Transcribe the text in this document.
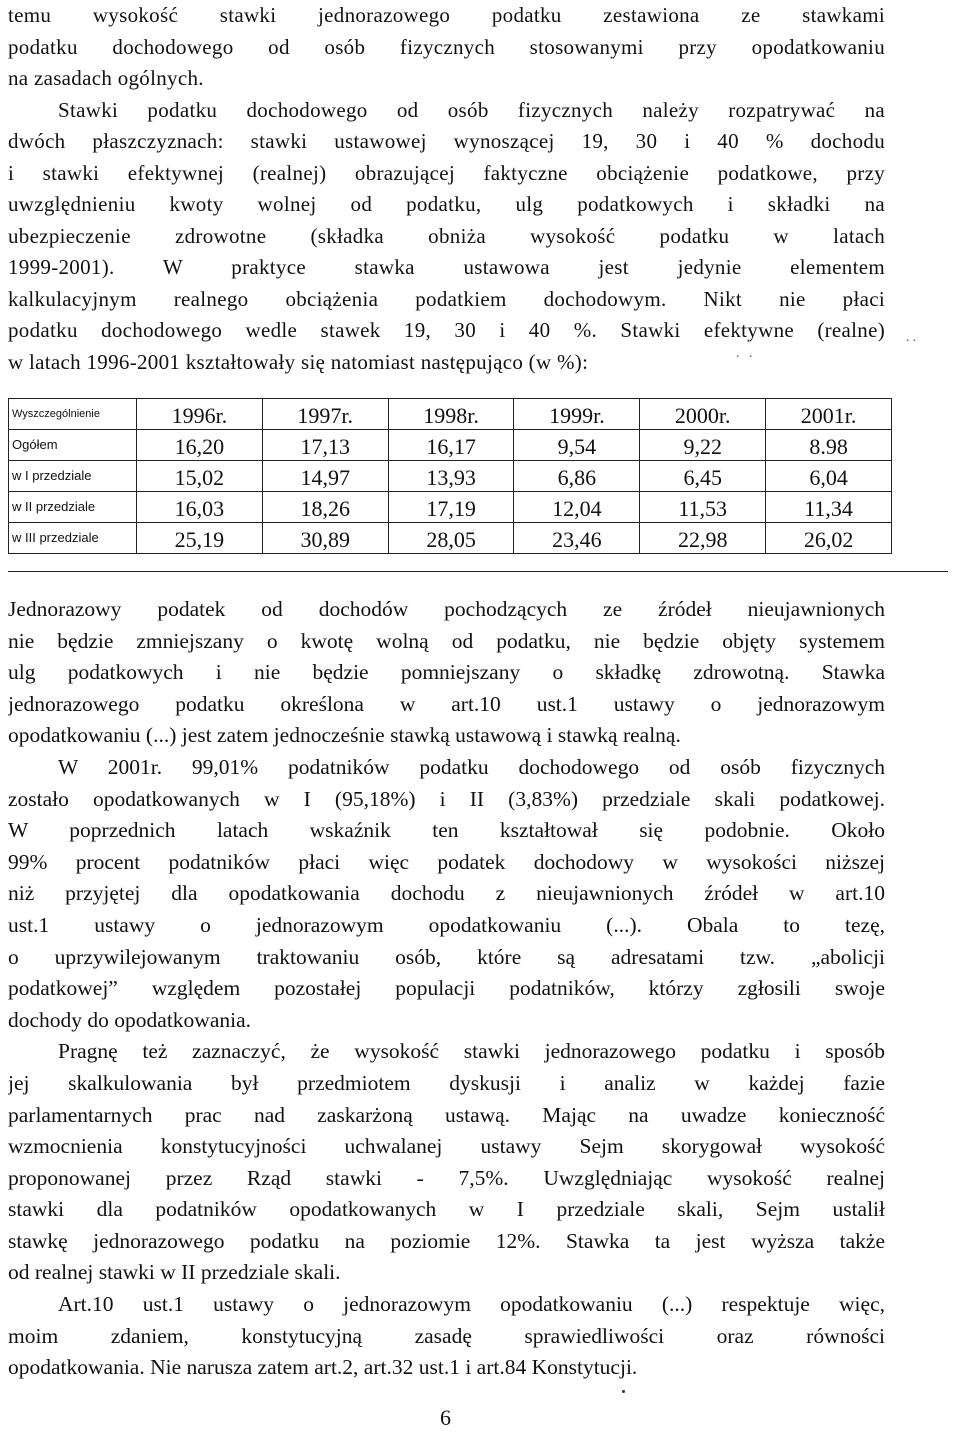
temu wysokość stawki jednorazowego podatku zestawiona ze stawkami
podatku dochodowego od osób fizycznych stosowanymi przy opodatkowaniu
na zasadach ogólnych.
Stawki podatku dochodowego od osób fizycznych należy rozpatrywać na
dwóch płaszczyznach: stawki ustawowej wynoszącej 19, 30 i 40 % dochodu
i stawki efektywnej (realnej) obrazującej faktyczne obciążenie podatkowe, przy
uwzględnieniu kwoty wolnej od podatku, ulg podatkowych i składki na
ubezpieczenie zdrowotne (składka obniża wysokość podatku w latach
1999-2001). W praktyce stawka ustawowa jest jedynie elementem
kalkulacyjnym realnego obciążenia podatkiem dochodowym. Nikt nie płaci
podatku dochodowego wedle stawek 19, 30 i 40 %. Stawki efektywne (realne)
w latach 1996-2001 kształtowały się natomiast następująco (w %):
..
. .
Wyszczególnienie	1996r.	1997r.	1998r.	1999r.	2000r.	2001r.
Ogółem	16,20	17,13	16,17	9,54	9,22	8.98
w I przedziale	15,02	14,97	13,93	6,86	6,45	6,04
w II przedziale	16,03	18,26	17,19	12,04	11,53	11,34
w III przedziale	25,19	30,89	28,05	23,46	22,98	26,02
Jednorazowy podatek od dochodów pochodzących ze źródeł nieujawnionych
nie będzie zmniejszany o kwotę wolną od podatku, nie będzie objęty systemem
ulg podatkowych i nie będzie pomniejszany o składkę zdrowotną. Stawka
jednorazowego podatku określona w art.10 ust.1 ustawy o jednorazowym
opodatkowaniu (...) jest zatem jednocześnie stawką ustawową i stawką realną.
W 2001r. 99,01% podatników podatku dochodowego od osób fizycznych
zostało opodatkowanych w I (95,18%) i II (3,83%) przedziale skali podatkowej.
W poprzednich latach wskaźnik ten kształtował się podobnie. Około
99% procent podatników płaci więc podatek dochodowy w wysokości niższej
niż przyjętej dla opodatkowania dochodu z nieujawnionych źródeł w art.10
ust.1 ustawy o jednorazowym opodatkowaniu (...). Obala to tezę,
o uprzywilejowanym traktowaniu osób, które są adresatami tzw. „abolicji
podatkowej” względem pozostałej populacji podatników, którzy zgłosili swoje
dochody do opodatkowania.
Pragnę też zaznaczyć, że wysokość stawki jednorazowego podatku i sposób
jej skalkulowania był przedmiotem dyskusji i analiz w każdej fazie
parlamentarnych prac nad zaskarżoną ustawą. Mając na uwadze konieczność
wzmocnienia konstytucyjności uchwalanej ustawy Sejm skorygował wysokość
proponowanej przez Rząd stawki - 7,5%. Uwzględniając wysokość realnej
stawki dla podatników opodatkowanych w I przedziale skali, Sejm ustalił
stawkę jednorazowego podatku na poziomie 12%. Stawka ta jest wyższa także
od realnej stawki w II przedziale skali.
Art.10 ust.1 ustawy o jednorazowym opodatkowaniu (...) respektuje więc,
moim zdaniem, konstytucyjną zasadę sprawiedliwości oraz równości
opodatkowania. Nie narusza zatem art.2, art.32 ust.1 i art.84 Konstytucji.
6
